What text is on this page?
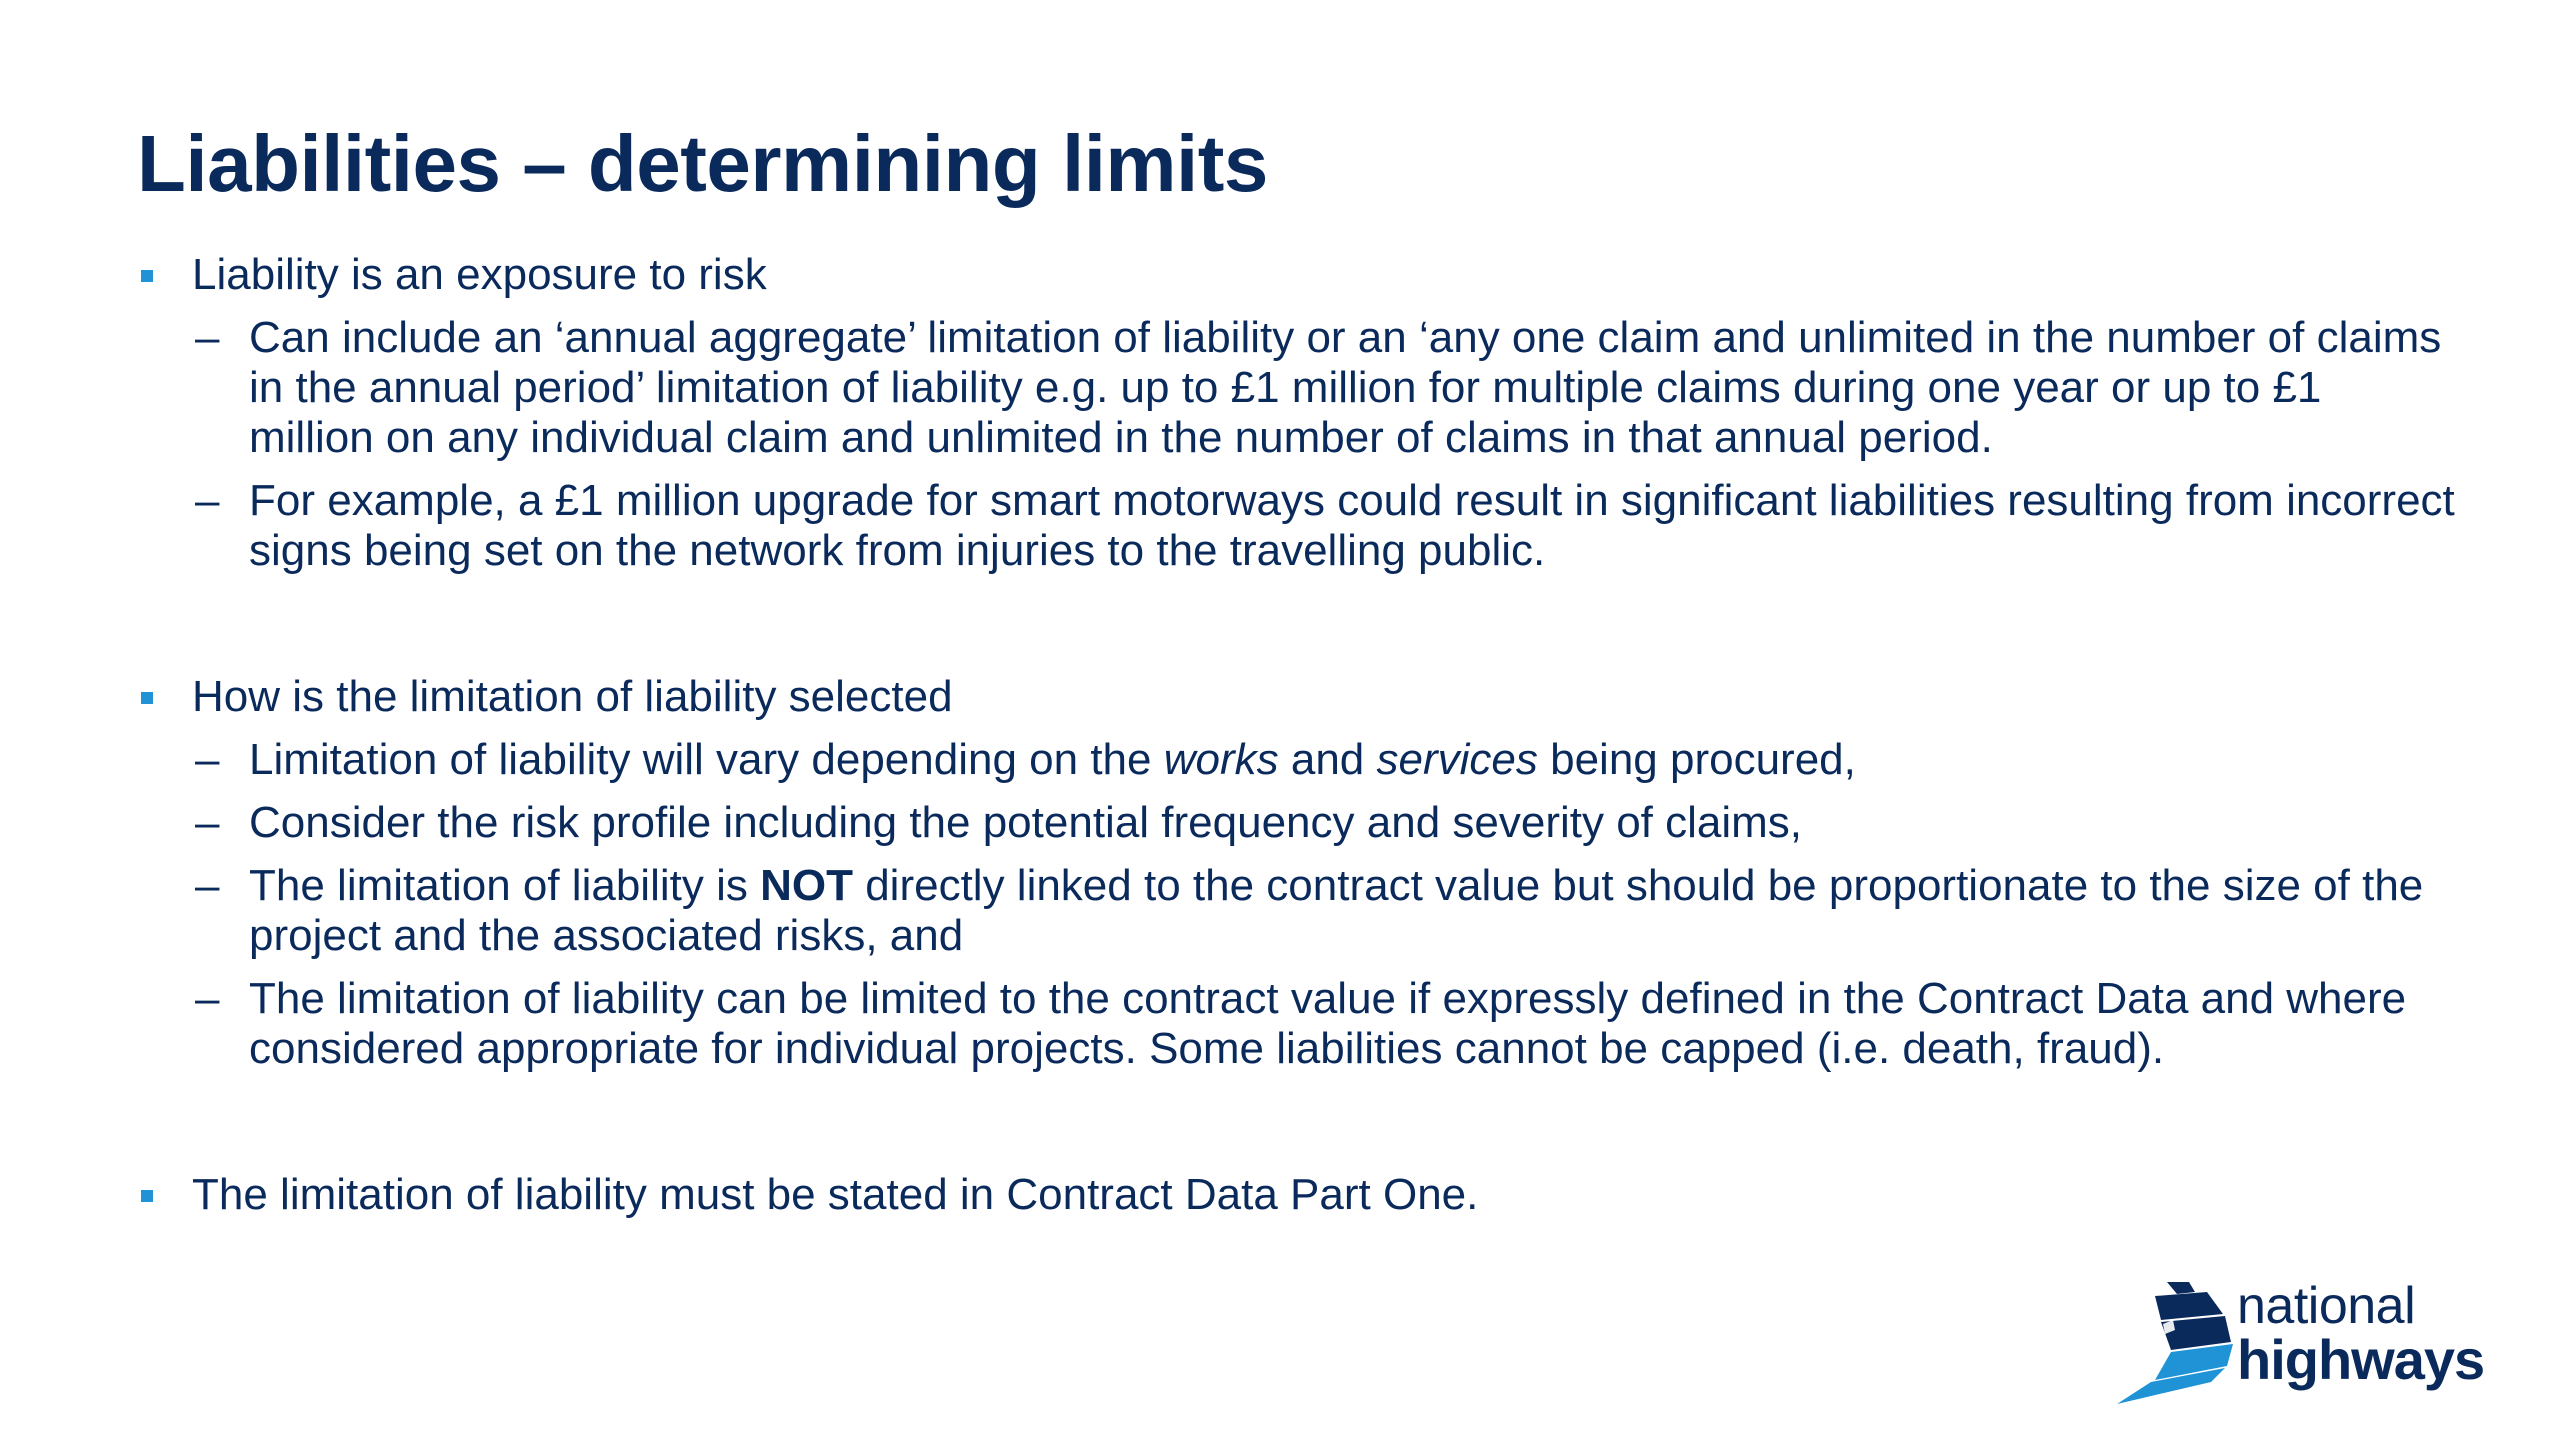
Liabilities – determining limits
Liability is an exposure to risk
– Can include an ‘annual aggregate’ limitation of liability or an ‘any one claim and unlimited in the number of claims in the annual period’ limitation of liability e.g. up to £1 million for multiple claims during one year or up to £1 million on any individual claim and unlimited in the number of claims in that annual period.
– For example, a £1 million upgrade for smart motorways could result in significant liabilities resulting from incorrect signs being set on the network from injuries to the travelling public.
How is the limitation of liability selected
– Limitation of liability will vary depending on the works and services being procured,
– Consider the risk profile including the potential frequency and severity of claims,
– The limitation of liability is NOT directly linked to the contract value but should be proportionate to the size of the project and the associated risks, and
– The limitation of liability can be limited to the contract value if expressly defined in the Contract Data and where considered appropriate for individual projects. Some liabilities cannot be capped (i.e. death, fraud).
The limitation of liability must be stated in Contract Data Part One.
national
highways
